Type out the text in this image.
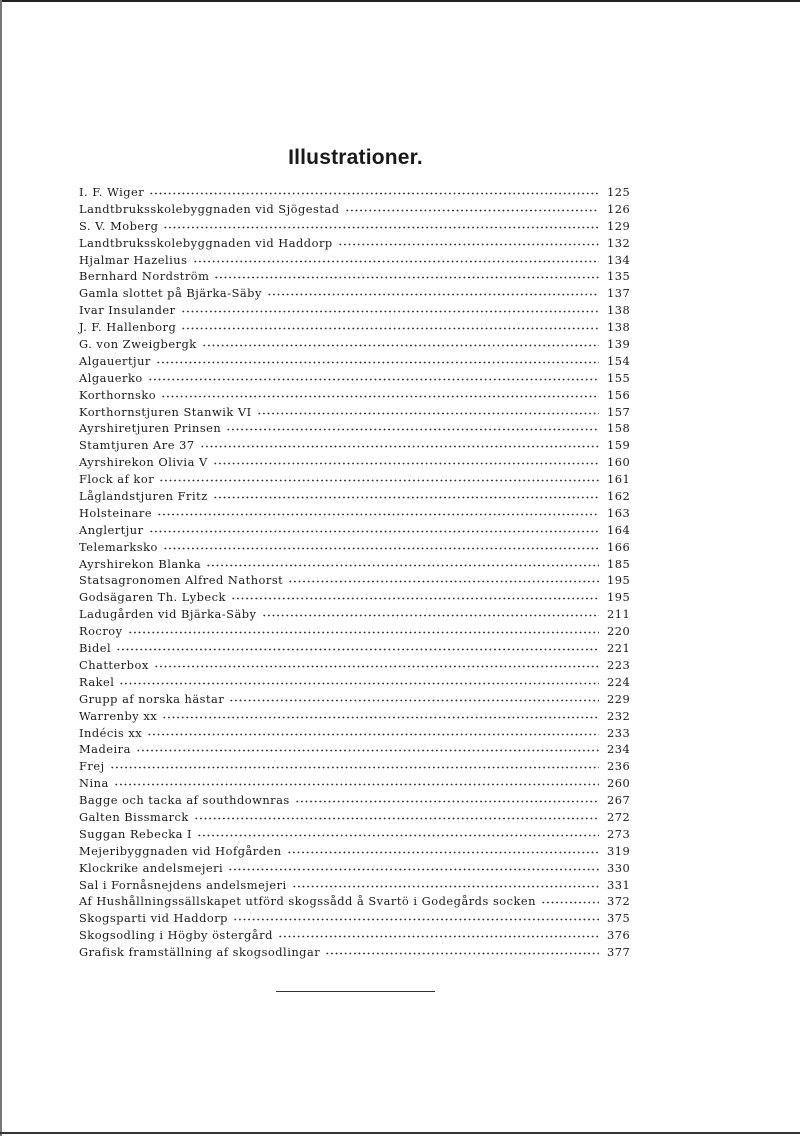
Illustrationer.
I. F. Wiger	125
Landtbruksskolebyggnaden vid Sjögestad	126
S. V. Moberg	129
Landtbruksskolebyggnaden vid Haddorp	132
Hjalmar Hazelius	134
Bernhard Nordström	135
Gamla slottet på Bjärka-Säby	137
Ivar Insulander	138
J. F. Hallenborg	138
G. von Zweigbergk	139
Algauertjur	154
Algauerko	155
Korthornsko	156
Korthornstjuren Stanwik VI	157
Ayrshiretjuren Prinsen	158
Stamtjuren Are 37	159
Ayrshirekon Olivia V	160
Flock af kor	161
Låglandstjuren Fritz	162
Holsteinare	163
Anglertjur	164
Telemarksko	166
Ayrshirekon Blanka	185
Statsagronomen Alfred Nathorst	195
Godsägaren Th. Lybeck	195
Ladugården vid Bjärka-Säby	211
Rocroy	220
Bidel	221
Chatterbox	223
Rakel	224
Grupp af norska hästar	229
Warrenby xx	232
Indécis xx	233
Madeira	234
Frej	236
Nina	260
Bagge och tacka af southdownras	267
Galten Bissmarck	272
Suggan Rebecka I	273
Mejeribyggnaden vid Hofgården	319
Klockrike andelsmejeri	330
Sal i Fornåsnejdens andelsmejeri	331
Af Hushållningssällskapet utförd skogssådd å Svartö i Godegårds socken	372
Skogsparti vid Haddorp	375
Skogsodling i Högby östergård	376
Grafisk framställning af skogsodlingar	377
